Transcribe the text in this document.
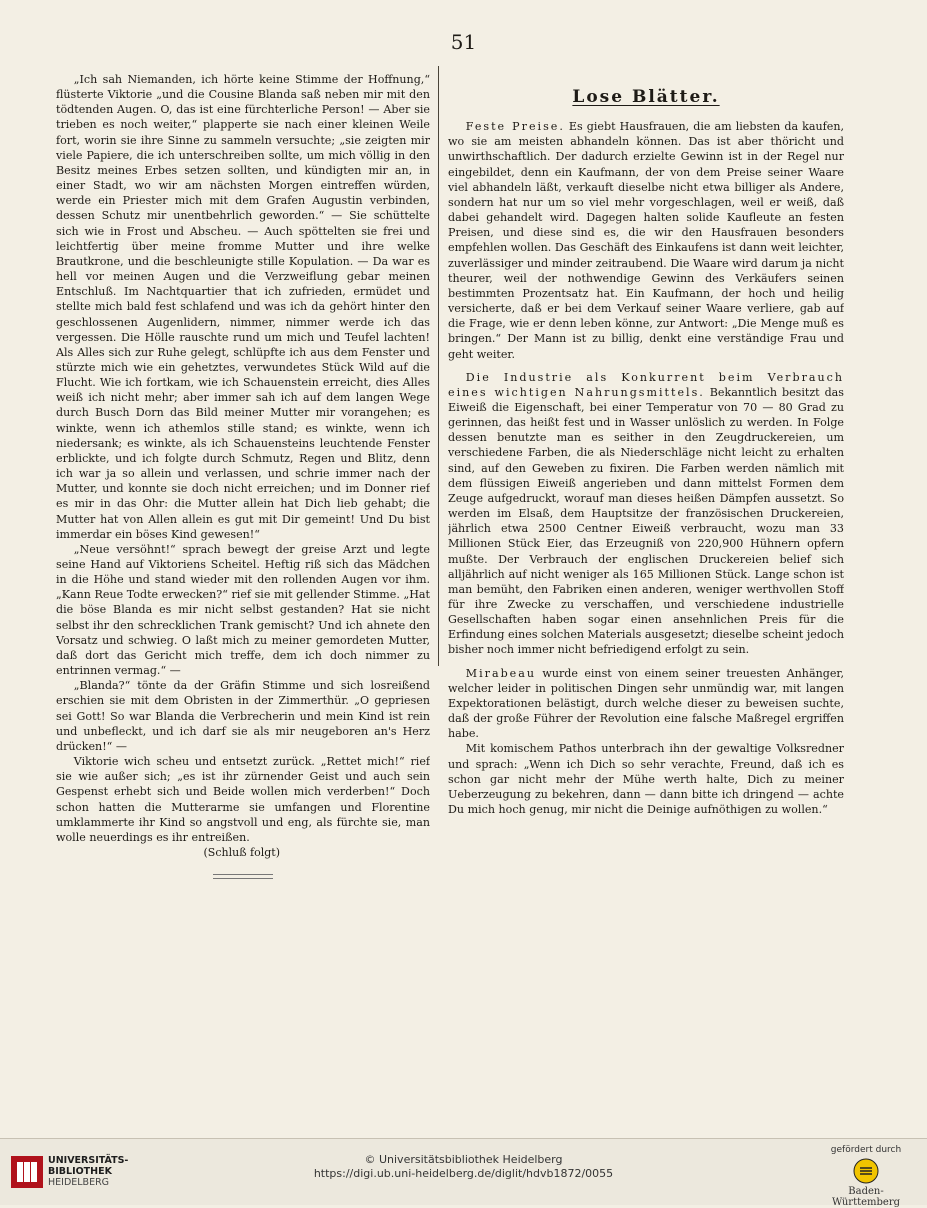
51

„Ich sah Niemanden, ich hörte keine Stimme der Hoffnung,“ flüsterte Viktorie „und die Cousine Blanda saß neben mir mit den tödtenden Augen. O, das ist eine fürchterliche Person! — Aber sie trieben es noch weiter,“ plapperte sie nach einer kleinen Weile fort, worin sie ihre Sinne zu sammeln versuchte; „sie zeigten mir viele Papiere, die ich unterschreiben sollte, um mich völlig in den Besitz meines Erbes setzen sollten, und kündigten mir an, in einer Stadt, wo wir am nächsten Morgen eintreffen würden, werde ein Priester mich mit dem Grafen Augustin verbinden, dessen Schutz mir unentbehrlich geworden.“ — Sie schüttelte sich wie in Frost und Abscheu. — Auch spöttelten sie frei und leichtfertig über meine fromme Mutter und ihre welke Brautkrone, und die beschleunigte stille Kopulation. — Da war es hell vor meinen Augen und die Verzweiflung gebar meinen Entschluß. Im Nachtquartier that ich zufrieden, ermüdet und stellte mich bald fest schlafend und was ich da gehört hinter den geschlossenen Augenlidern, nimmer, nimmer werde ich das vergessen. Die Hölle rauschte rund um mich und Teufel lachten! Als Alles sich zur Ruhe gelegt, schlüpfte ich aus dem Fenster und stürzte mich wie ein gehetztes, verwundetes Stück Wild auf die Flucht. Wie ich fortkam, wie ich Schauenstein erreicht, dies Alles weiß ich nicht mehr; aber immer sah ich auf dem langen Wege durch Busch Dorn das Bild meiner Mutter mir vorangehen; es winkte, wenn ich athemlos stille stand; es winkte, wenn ich niedersank; es winkte, als ich Schauensteins leuchtende Fenster erblickte, und ich folgte durch Schmutz, Regen und Blitz, denn ich war ja so allein und verlassen, und schrie immer nach der Mutter, und konnte sie doch nicht erreichen; und im Donner rief es mir in das Ohr: die Mutter allein hat Dich lieb gehabt; die Mutter hat von Allen allein es gut mit Dir gemeint! Und Du bist immerdar ein böses Kind gewesen!“

„Neue versöhnt!“ sprach bewegt der greise Arzt und legte seine Hand auf Viktoriens Scheitel. Heftig riß sich das Mädchen in die Höhe und stand wieder mit den rollenden Augen vor ihm. „Kann Reue Todte erwecken?“ rief sie mit gellender Stimme. „Hat die böse Blanda es mir nicht selbst gestanden? Hat sie nicht selbst ihr den schrecklichen Trank gemischt? Und ich ahnete den Vorsatz und schwieg. O laßt mich zu meiner gemordeten Mutter, daß dort das Gericht mich treffe, dem ich doch nimmer zu entrinnen vermag.“ —

„Blanda?“ tönte da der Gräfin Stimme und sich losreißend erschien sie mit dem Obristen in der Zimmerthür. „O gepriesen sei Gott! So war Blanda die Verbrecherin und mein Kind ist rein und unbefleckt, und ich darf sie als mir neugeboren an's Herz drücken!“ —

Viktorie wich scheu und entsetzt zurück. „Rettet mich!“ rief sie wie außer sich; „es ist ihr zürnender Geist und auch sein Gespenst erhebt sich und Beide wollen mich verderben!“ Doch schon hatten die Mutterarme sie umfangen und Florentine umklammerte ihr Kind so angstvoll und eng, als fürchte sie, man wolle neuerdings es ihr entreißen.

(Schluß folgt)
Lose Blätter.

Feste Preise. Es giebt Hausfrauen, die am liebsten da kaufen, wo sie am meisten abhandeln können. Das ist aber thöricht und unwirthschaftlich. Der dadurch erzielte Gewinn ist in der Regel nur eingebildet, denn ein Kaufmann, der von dem Preise seiner Waare viel abhandeln läßt, verkauft dieselbe nicht etwa billiger als Andere, sondern hat nur um so viel mehr vorgeschlagen, weil er weiß, daß dabei gehandelt wird. Dagegen halten solide Kaufleute an festen Preisen, und diese sind es, die wir den Hausfrauen besonders empfehlen wollen. Das Geschäft des Einkaufens ist dann weit leichter, zuverlässiger und minder zeitraubend. Die Waare wird darum ja nicht theurer, weil der nothwendige Gewinn des Verkäufers seinen bestimmten Prozentsatz hat. Ein Kaufmann, der hoch und heilig versicherte, daß er bei dem Verkauf seiner Waare verliere, gab auf die Frage, wie er denn leben könne, zur Antwort: „Die Menge muß es bringen.“ Der Mann ist zu billig, denkt eine verständige Frau und geht weiter.

Die Industrie als Konkurrent beim Verbrauch eines wichtigen Nahrungsmittels. Bekanntlich besitzt das Eiweiß die Eigenschaft, bei einer Temperatur von 70 — 80 Grad zu gerinnen, das heißt fest und in Wasser unlöslich zu werden. In Folge dessen benutzte man es seither in den Zeugdruckereien, um verschiedene Farben, die als Niederschläge nicht leicht zu erhalten sind, auf den Geweben zu fixiren. Die Farben werden nämlich mit dem flüssigen Eiweiß angerieben und dann mittelst Formen dem Zeuge aufgedruckt, worauf man dieses heißen Dämpfen aussetzt. So werden im Elsaß, dem Hauptsitze der französischen Druckereien, jährlich etwa 2500 Centner Eiweiß verbraucht, wozu man 33 Millionen Stück Eier, das Erzeugniß von 220,900 Hühnern opfern mußte. Der Verbrauch der englischen Druckereien belief sich alljährlich auf nicht weniger als 165 Millionen Stück. Lange schon ist man bemüht, den Fabriken einen anderen, weniger werthvollen Stoff für ihre Zwecke zu verschaffen, und verschiedene industrielle Gesellschaften haben sogar einen ansehnlichen Preis für die Erfindung eines solchen Materials ausgesetzt; dieselbe scheint jedoch bisher noch immer nicht befriedigend erfolgt zu sein.

Mirabeau wurde einst von einem seiner treuesten Anhänger, welcher leider in politischen Dingen sehr unmündig war, mit langen Expektorationen belästigt, durch welche dieser zu beweisen suchte, daß der große Führer der Revolution eine falsche Maßregel ergriffen habe.

Mit komischem Pathos unterbrach ihn der gewaltige Volksredner und sprach: „Wenn ich Dich so sehr verachte, Freund, daß ich es schon gar nicht mehr der Mühe werth halte, Dich zu meiner Ueberzeugung zu bekehren, dann — dann bitte ich dringend — achte Du mich hoch genug, mir nicht die Deinige aufnöthigen zu wollen.“

UNIVERSITÄTS-
BIBLIOTHEK
HEIDELBERG
© Universitätsbibliothek Heidelberg
https://digi.ub.uni-heidelberg.de/diglit/hdvb1872/0055
gefördert durch
Baden-Württemberg
